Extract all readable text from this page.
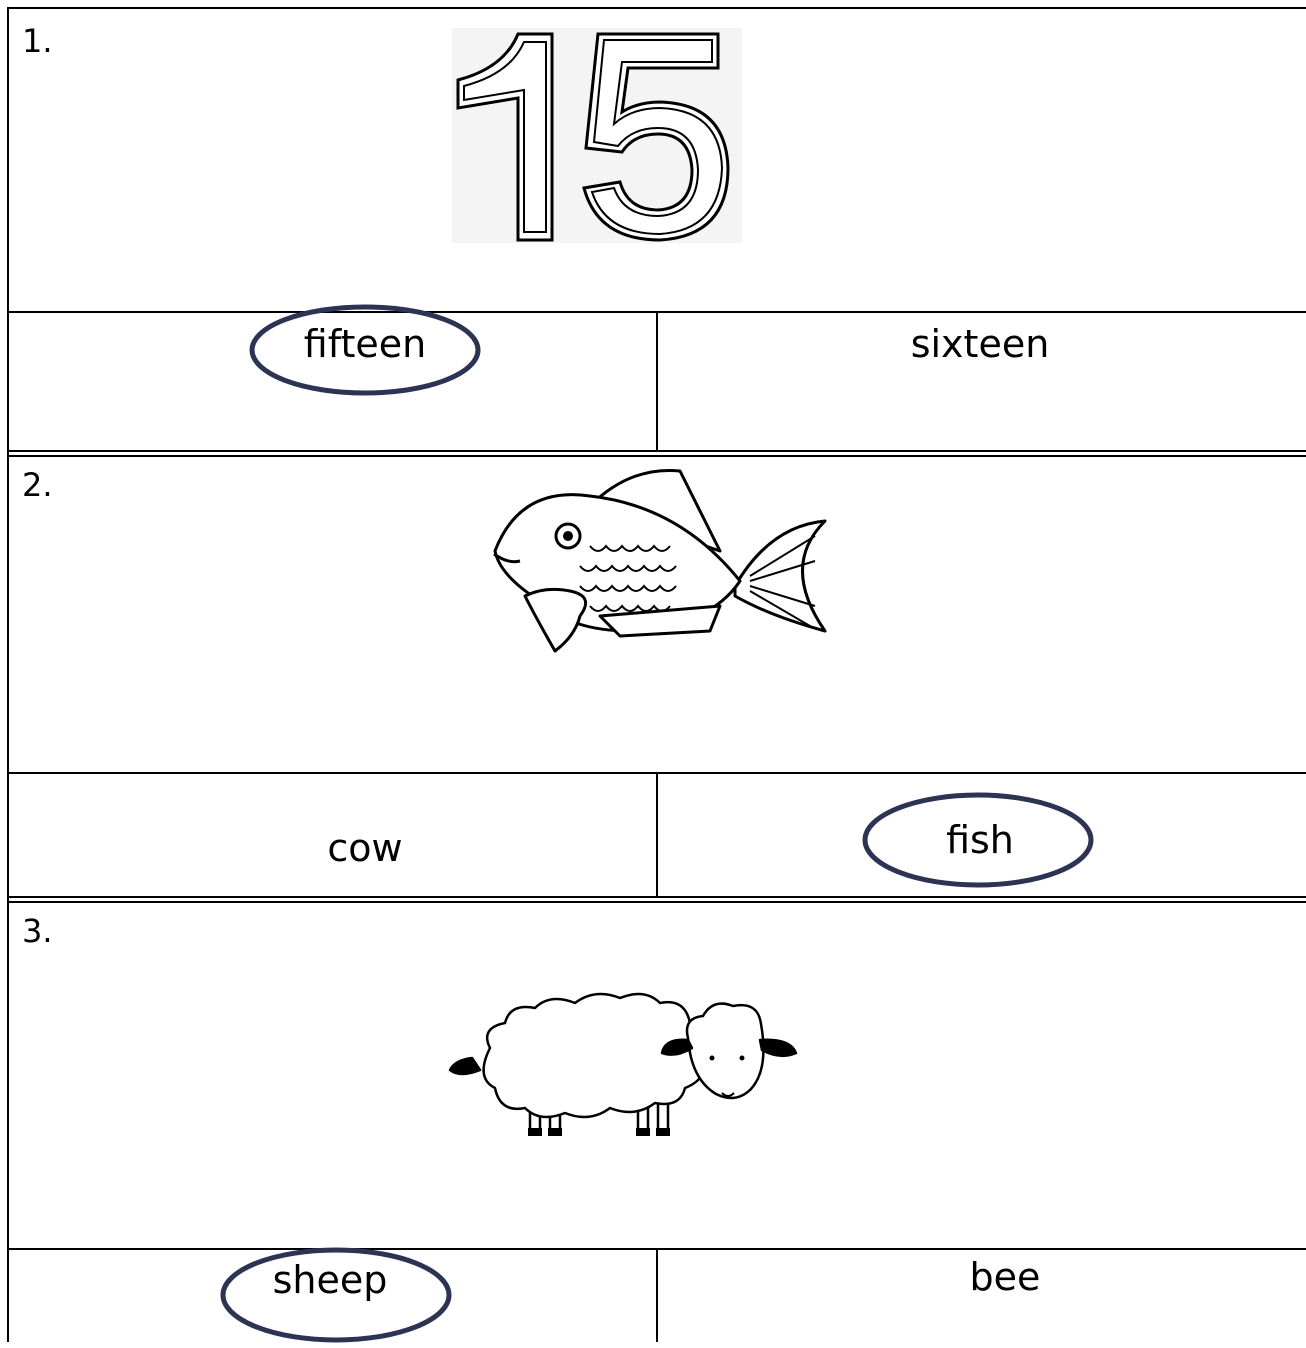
1.
fifteen	sixteen
2.
cow	fish
3.
sheep	bee
